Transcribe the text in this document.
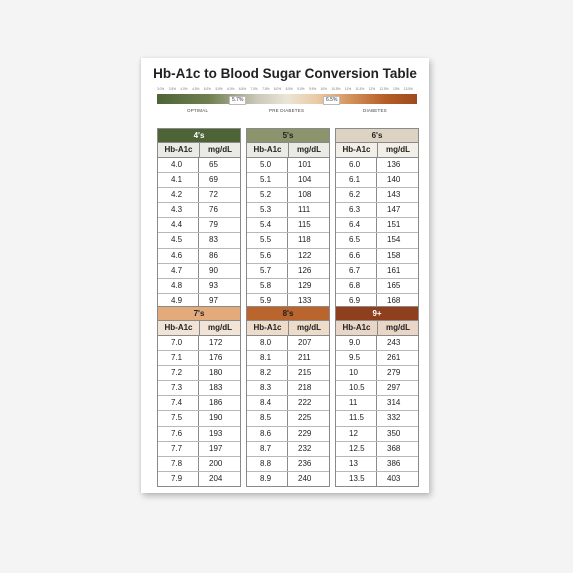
Hb-A1c to Blood Sugar Conversion Table
3.0% 3.5% 4.0% 4.5% 5.0% 5.5% 6.0% 6.5% 7.0% 7.5% 8.0% 8.5% 9.0% 9.5% 10% 10.5% 11% 11.5% 12% 12.5% 13% 13.5%
5.7%	6.5%
OPTIMAL	PRE DIABETES	DIABETES
4's
Hb-A1c	mg/dL
4.0	65
4.1	69
4.2	72
4.3	76
4.4	79
4.5	83
4.6	86
4.7	90
4.8	93
4.9	97
5's
Hb-A1c	mg/dL
5.0	101
5.1	104
5.2	108
5.3	111
5.4	115
5.5	118
5.6	122
5.7	126
5.8	129
5.9	133
6's
Hb-A1c	mg/dL
6.0	136
6.1	140
6.2	143
6.3	147
6.4	151
6.5	154
6.6	158
6.7	161
6.8	165
6.9	168
7's
Hb-A1c	mg/dL
7.0	172
7.1	176
7.2	180
7.3	183
7.4	186
7.5	190
7.6	193
7.7	197
7.8	200
7.9	204
8's
Hb-A1c	mg/dL
8.0	207
8.1	211
8.2	215
8.3	218
8.4	222
8.5	225
8.6	229
8.7	232
8.8	236
8.9	240
9+
Hb-A1c	mg/dL
9.0	243
9.5	261
10	279
10.5	297
11	314
11.5	332
12	350
12.5	368
13	386
13.5	403
